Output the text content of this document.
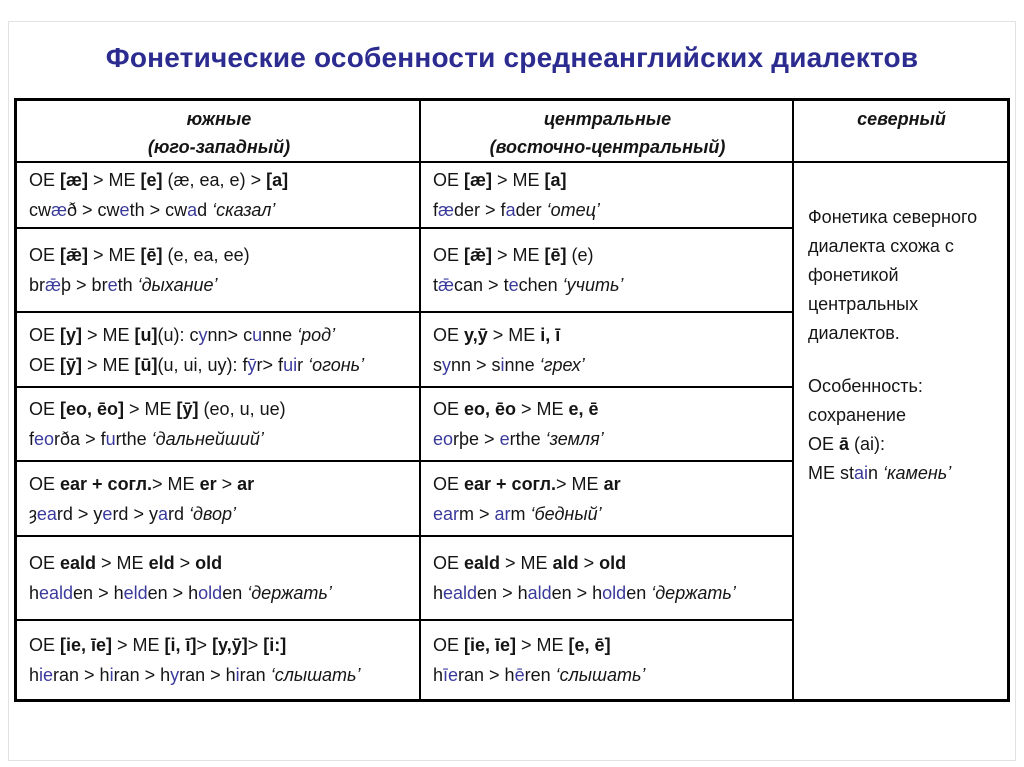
Фонетические особенности среднеанглийских диалектов
южные
(юго-западный)
центральные
(восточно-центральный)
северный
Фонетика северного
диалекта схожа с
фонетикой
центральных
диалектов.
Особенность:
сохранение
OE ā (ai):
ME stain ‘камень’
OE [æ] > ME [e] (æ, ea, e) > [a]
cwæð > cweth > cwad ‘сказал’
OE [æ] > ME [a]
fæder > fader ‘отец’
OE [ǣ] > ME [ē] (e, ea, ee)
brǣþ > breth ‘дыхание’
OE [ǣ] > ME [ē] (e)
tǣcan > techen ‘учить’
OE [y] > ME [u](u): cynn> cunne ‘род’
OE [ȳ] > ME [ū](u, ui, uy): fȳr> fuir ‘огонь’
OE y,ȳ > ME i, ī
synn > sinne ‘грех’
OE [eo, ēo] > ME [ȳ] (eo, u, ue)
feorða > furthe ‘дальнейший’
OE eo, ēo > ME e, ē
eorþe > erthe ‘земля’
OE ear + согл.> ME er > ar
ȝeard > yerd > yard ‘двор’
OE ear + согл.> ME ar
earm > arm ‘бедный’
OE eald > ME eld > old
healden > helden > holden ‘держать’
OE eald > ME ald > old
healden > halden > holden ‘держать’
OE [ie, īe] > ME [i, ī]> [y,ȳ]> [i:]
hieran > hiran > hyran > hiran ‘слышать’
OE [ie, īe] > ME [e, ē]
hīeran > hēren ‘слышать’
